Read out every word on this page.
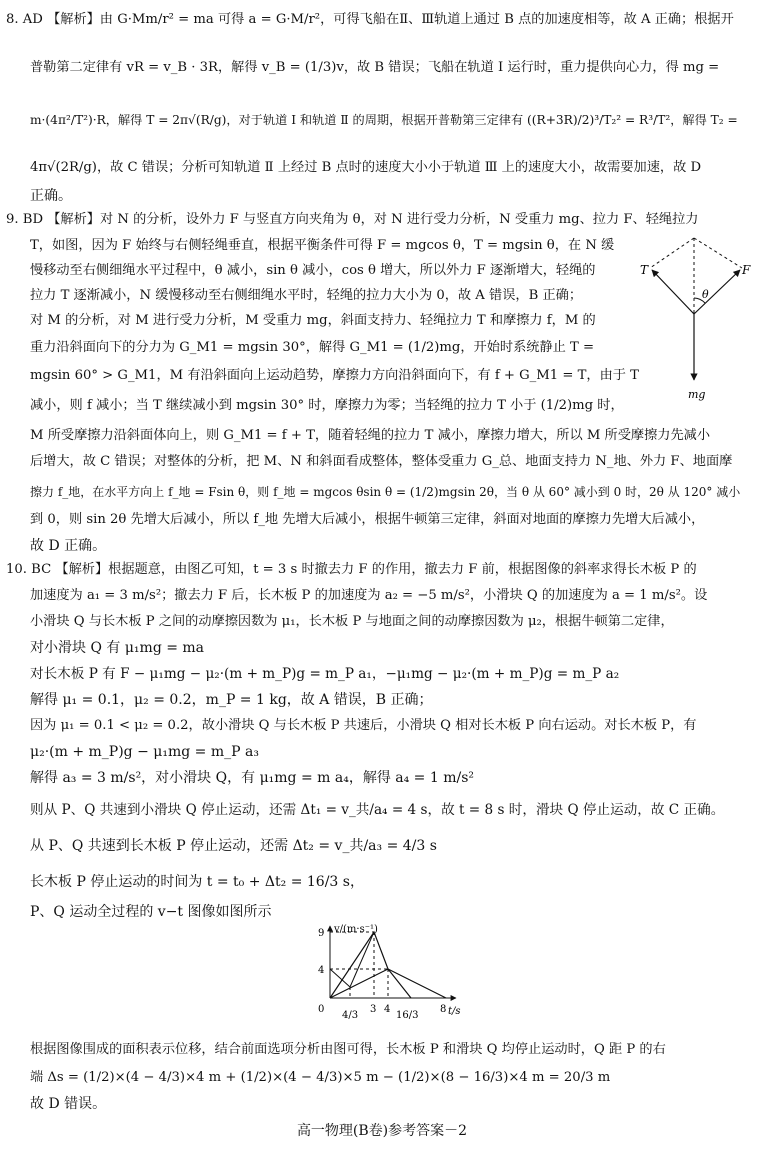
8. AD 【解析】由 G·Mm/r² = ma 可得 a = G·M/r²，可得飞船在Ⅱ、Ⅲ轨道上通过 B 点的加速度相等，故 A 正确；根据开
普勒第二定律有 vR = v_B · 3R，解得 v_B = (1/3)v，故 B 错误；飞船在轨道 Ⅰ 运行时，重力提供向心力，得 mg =
m·(4π²/T²)·R，解得 T = 2π√(R/g)，对于轨道 Ⅰ 和轨道 Ⅱ 的周期，根据开普勒第三定律有 ((R+3R)/2)³/T₂² = R³/T²，解得 T₂ =
4π√(2R/g)，故 C 错误；分析可知轨道 Ⅱ 上经过 B 点时的速度大小小于轨道 Ⅲ 上的速度大小，故需要加速，故 D
正确。
9. BD 【解析】对 N 的分析，设外力 F 与竖直方向夹角为 θ，对 N 进行受力分析，N 受重力 mg、拉力 F、轻绳拉力
T，如图，因为 F 始终与右侧轻绳垂直，根据平衡条件可得 F = mgcos θ，T = mgsin θ，在 N 缓
慢移动至右侧细绳水平过程中，θ 减小，sin θ 减小，cos θ 增大，所以外力 F 逐渐增大，轻绳的
拉力 T 逐渐减小，N 缓慢移动至右侧细绳水平时，轻绳的拉力大小为 0，故 A 错误，B 正确；
对 M 的分析，对 M 进行受力分析，M 受重力 mg，斜面支持力、轻绳拉力 T 和摩擦力 f，M 的
重力沿斜面向下的分力为 G_M1 = mgsin 30°，解得 G_M1 = (1/2)mg，开始时系统静止 T =
mgsin 60° > G_M1，M 有沿斜面向上运动趋势，摩擦力方向沿斜面向下，有 f + G_M1 = T，由于 T
减小，则 f 减小；当 T 继续减小到 mgsin 30° 时，摩擦力为零；当轻绳的拉力 T 小于 (1/2)mg 时，
M 所受摩擦力沿斜面体向上，则 G_M1 = f + T，随着轻绳的拉力 T 减小，摩擦力增大，所以 M 所受摩擦力先减小
后增大，故 C 错误；对整体的分析，把 M、N 和斜面看成整体，整体受重力 G_总、地面支持力 N_地、外力 F、地面摩
擦力 f_地，在水平方向上 f_地 = Fsin θ，则 f_地 = mgcos θsin θ = (1/2)mgsin 2θ，当 θ 从 60° 减小到 0 时，2θ 从 120° 减小
到 0，则 sin 2θ 先增大后减小，所以 f_地 先增大后减小，根据牛顿第三定律，斜面对地面的摩擦力先增大后减小，
故 D 正确。
T	F
θ
mg
10. BC 【解析】根据题意，由图乙可知，t = 3 s 时撤去力 F 的作用，撤去力 F 前，根据图像的斜率求得长木板 P 的
加速度为 a₁ = 3 m/s²；撤去力 F 后，长木板 P 的加速度为 a₂ = −5 m/s²，小滑块 Q 的加速度为 a = 1 m/s²。设
小滑块 Q 与长木板 P 之间的动摩擦因数为 μ₁，长木板 P 与地面之间的动摩擦因数为 μ₂，根据牛顿第二定律，
对小滑块 Q 有 μ₁mg = ma
对长木板 P 有 F − μ₁mg − μ₂·(m + m_P)g = m_P a₁，−μ₁mg − μ₂·(m + m_P)g = m_P a₂
解得 μ₁ = 0.1，μ₂ = 0.2，m_P = 1 kg，故 A 错误，B 正确；
因为 μ₁ = 0.1 < μ₂ = 0.2，故小滑块 Q 与长木板 P 共速后，小滑块 Q 相对长木板 P 向右运动。对长木板 P，有
μ₂·(m + m_P)g − μ₁mg = m_P a₃
解得 a₃ = 3 m/s²，对小滑块 Q，有 μ₁mg = m a₄，解得 a₄ = 1 m/s²
则从 P、Q 共速到小滑块 Q 停止运动，还需 Δt₁ = v_共/a₄ = 4 s，故 t = 8 s 时，滑块 Q 停止运动，故 C 正确。
从 P、Q 共速到长木板 P 停止运动，还需 Δt₂ = v_共/a₃ = 4/3 s
长木板 P 停止运动的时间为 t = t₀ + Δt₂ = 16/3 s，
P、Q 运动全过程的 v−t 图像如图所示
v/(m·s⁻¹)
t/s
9
4
0
4/3
3 4
16/3
8
根据图像围成的面积表示位移，结合前面选项分析由图可得，长木板 P 和滑块 Q 均停止运动时，Q 距 P 的右
端 Δs = (1/2)×(4 − 4/3)×4 m + (1/2)×(4 − 4/3)×5 m − (1/2)×(8 − 16/3)×4 m = 20/3 m
故 D 错误。
高一物理(B卷)参考答案－2
